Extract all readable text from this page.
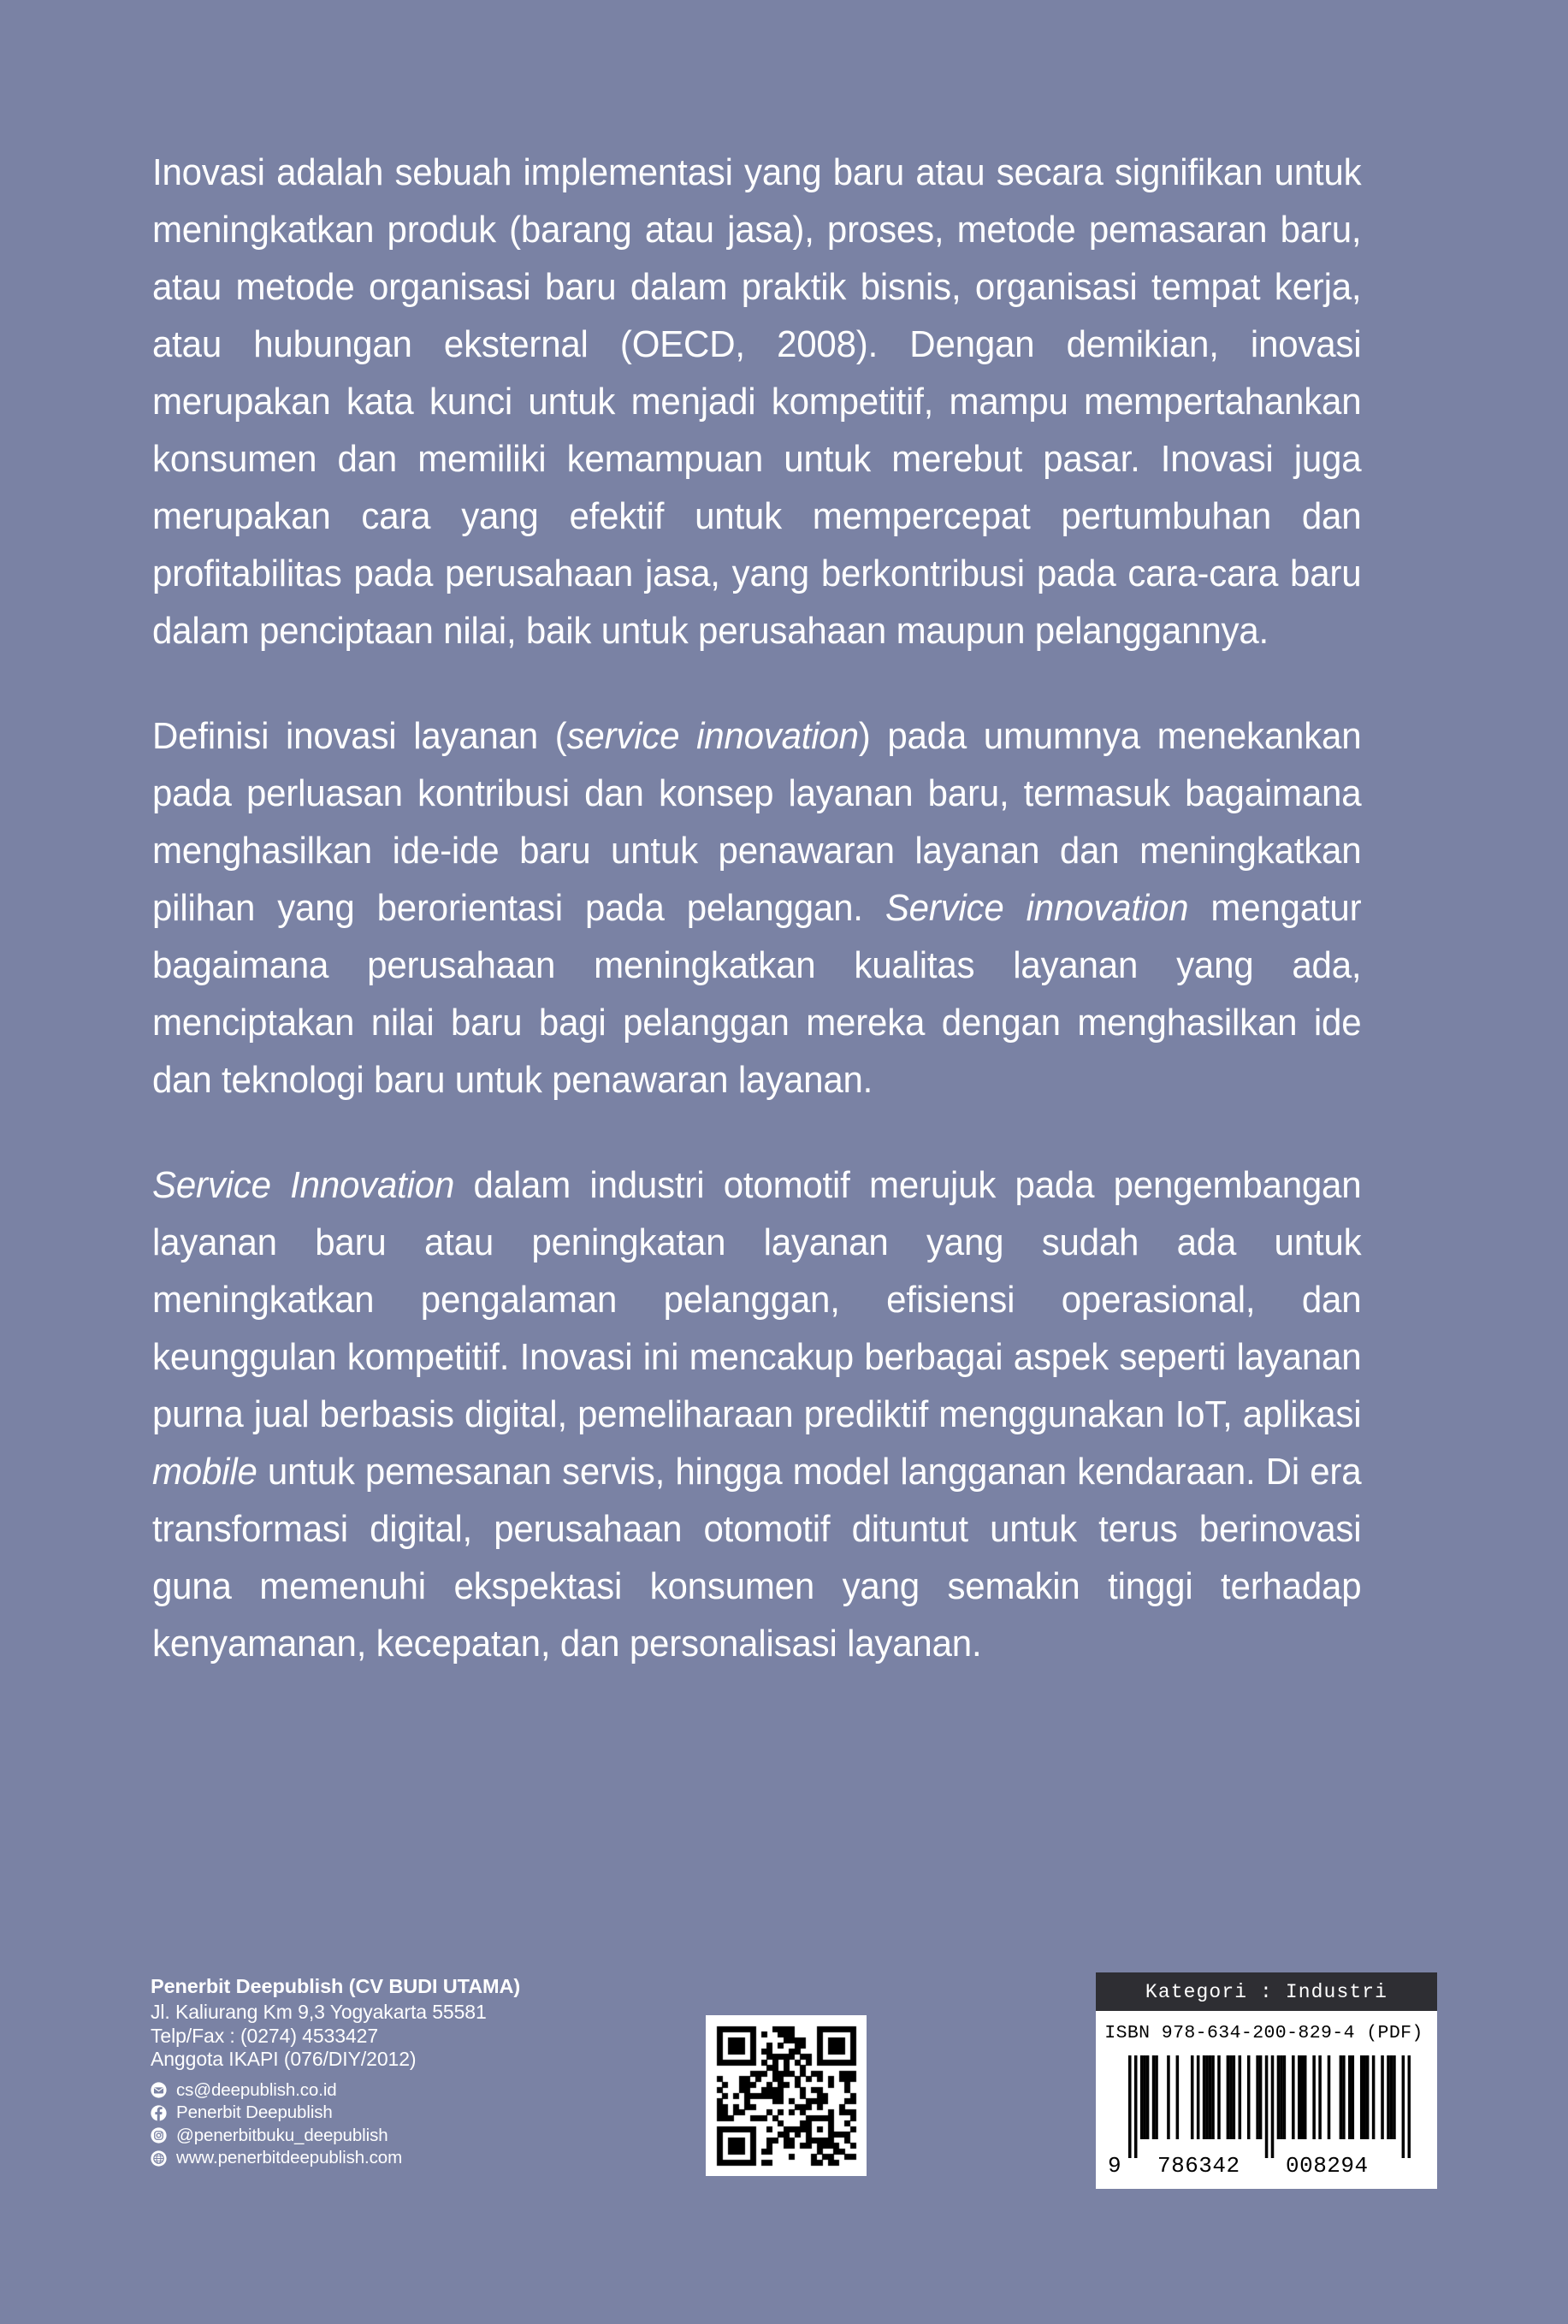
Inovasi adalah sebuah implementasi yang baru atau secara signifikan untuk meningkatkan produk (barang atau jasa), proses, metode pemasaran baru, atau metode organisasi baru dalam praktik bisnis, organisasi tempat kerja, atau hubungan eksternal (OECD, 2008). Dengan demikian, inovasi merupakan kata kunci untuk menjadi kompetitif, mampu mempertahankan konsumen dan memiliki kemampuan untuk merebut pasar. Inovasi juga merupakan cara yang efektif untuk mempercepat pertumbuhan dan profitabilitas pada perusahaan jasa, yang berkontribusi pada cara-cara baru dalam penciptaan nilai, baik untuk perusahaan maupun pelanggannya.

Definisi inovasi layanan (service innovation) pada umumnya menekankan pada perluasan kontribusi dan konsep layanan baru, termasuk bagaimana menghasilkan ide-ide baru untuk penawaran layanan dan meningkatkan pilihan yang berorientasi pada pelanggan. Service innovation mengatur bagaimana perusahaan meningkatkan kualitas layanan yang ada, menciptakan nilai baru bagi pelanggan mereka dengan menghasilkan ide dan teknologi baru untuk penawaran layanan.

Service Innovation dalam industri otomotif merujuk pada pengembangan layanan baru atau peningkatan layanan yang sudah ada untuk meningkatkan pengalaman pelanggan, efisiensi operasional, dan keunggulan kompetitif. Inovasi ini mencakup berbagai aspek seperti layanan purna jual berbasis digital, pemeliharaan prediktif menggunakan IoT, aplikasi mobile untuk pemesanan servis, hingga model langganan kendaraan. Di era transformasi digital, perusahaan otomotif dituntut untuk terus berinovasi guna memenuhi ekspektasi konsumen yang semakin tinggi terhadap kenyamanan, kecepatan, dan personalisasi layanan.

Penerbit Deepublish (CV BUDI UTAMA)

Jl. Kaliurang Km 9,3 Yogyakarta 55581

Telp/Fax : (0274) 4533427

Anggota IKAPI (076/DIY/2012)

cs@deepublish.co.id
Penerbit Deepublish
@penerbitbuku_deepublish
www.penerbitdeepublish.com
Kategori : Industri
ISBN 978-634-200-829-4 (PDF)
9 786342 008294
